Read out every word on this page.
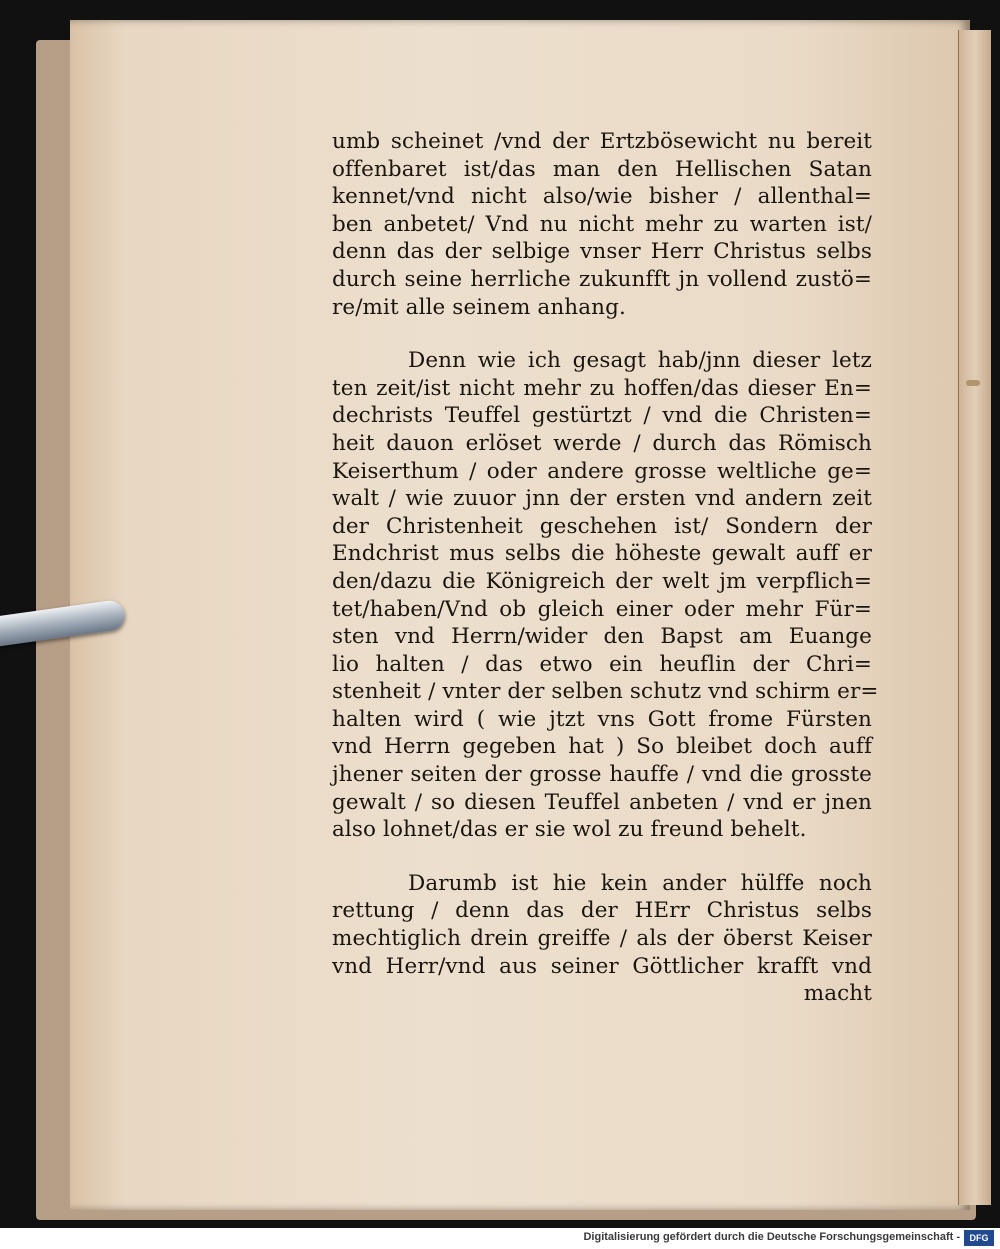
umb scheinet /vnd der Ertzbösewicht nu bereit
offenbaret ist/das man den Hellischen Satan
kennet/vnd nicht also/wie bisher / allenthal=
ben anbetet/ Vnd nu nicht mehr zu warten ist/
denn das der selbige vnser Herr Christus selbs
durch seine herrliche zukunfft jn vollend zustö=
re/mit alle seinem anhang.
Denn wie ich gesagt hab/jnn dieser letz
ten zeit/ist nicht mehr zu hoffen/das dieser En=
dechrists Teuffel gestürtzt / vnd die Christen=
heit dauon erlöset werde / durch das Römisch
Keiserthum / oder andere grosse weltliche ge=
walt / wie zuuor jnn der ersten vnd andern zeit
der Christenheit geschehen ist/ Sondern der
Endchrist mus selbs die höheste gewalt auff er
den/dazu die Königreich der welt jm verpflich=
tet/haben/Vnd ob gleich einer oder mehr Für=
sten vnd Herrn/wider den Bapst am Euange
lio halten / das etwo ein heuflin der Chri=
stenheit / vnter der selben schutz vnd schirm er=
halten wird ( wie jtzt vns Gott frome Fürsten
vnd Herrn gegeben hat ) So bleibet doch auff
jhener seiten der grosse hauffe / vnd die grosste
gewalt / so diesen Teuffel anbeten / vnd er jnen
also lohnet/das er sie wol zu freund behelt.
Darumb ist hie kein ander hülffe noch
rettung / denn das der HErr Christus selbs
mechtiglich drein greiffe / als der öberst Keiser
vnd Herr/vnd aus seiner Göttlicher krafft vnd
macht
Digitalisierung gefördert durch die Deutsche Forschungsgemeinschaft -	DFG
